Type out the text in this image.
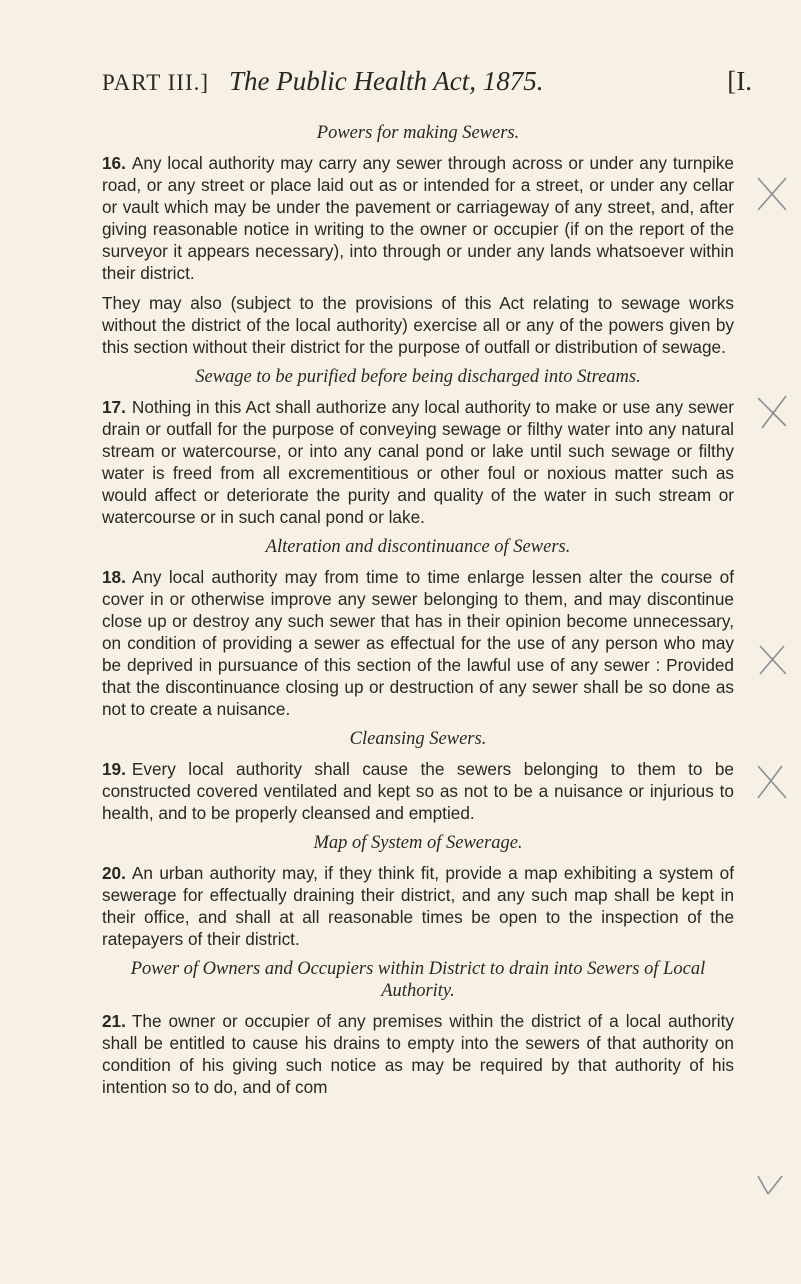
PART III.] The Public Health Act, 1875.	[I.
Powers for making Sewers.

16. Any local authority may carry any sewer through across or under any turnpike road, or any street or place laid out as or intended for a street, or under any cellar or vault which may be under the pavement or carriageway of any street, and, after giving reasonable notice in writing to the owner or occupier (if on the report of the surveyor it appears necessary), into through or under any lands whatsoever within their district.

They may also (subject to the provisions of this Act relating to sewage works without the district of the local authority) exercise all or any of the powers given by this section without their district for the purpose of outfall or distribution of sewage.

Sewage to be purified before being discharged into Streams.

17. Nothing in this Act shall authorize any local authority to make or use any sewer drain or outfall for the purpose of conveying sewage or filthy water into any natural stream or watercourse, or into any canal pond or lake until such sewage or filthy water is freed from all excrementitious or other foul or noxious matter such as would affect or deteriorate the purity and quality of the water in such stream or watercourse or in such canal pond or lake.

Alteration and discontinuance of Sewers.

18. Any local authority may from time to time enlarge lessen alter the course of cover in or otherwise improve any sewer belonging to them, and may discontinue close up or destroy any such sewer that has in their opinion become unnecessary, on condition of providing a sewer as effectual for the use of any person who may be deprived in pursuance of this section of the lawful use of any sewer : Provided that the discontinuance closing up or destruction of any sewer shall be so done as not to create a nuisance.

Cleansing Sewers.

19. Every local authority shall cause the sewers belonging to them to be constructed covered ventilated and kept so as not to be a nuisance or injurious to health, and to be properly cleansed and emptied.

Map of System of Sewerage.

20. An urban authority may, if they think fit, provide a map exhibiting a system of sewerage for effectually draining their district, and any such map shall be kept in their office, and shall at all reasonable times be open to the inspection of the ratepayers of their district.

Power of Owners and Occupiers within District to drain into Sewers of Local Authority.

21. The owner or occupier of any premises within the district of a local authority shall be entitled to cause his drains to empty into the sewers of that authority on condition of his giving such notice as may be required by that authority of his intention so to do, and of com
